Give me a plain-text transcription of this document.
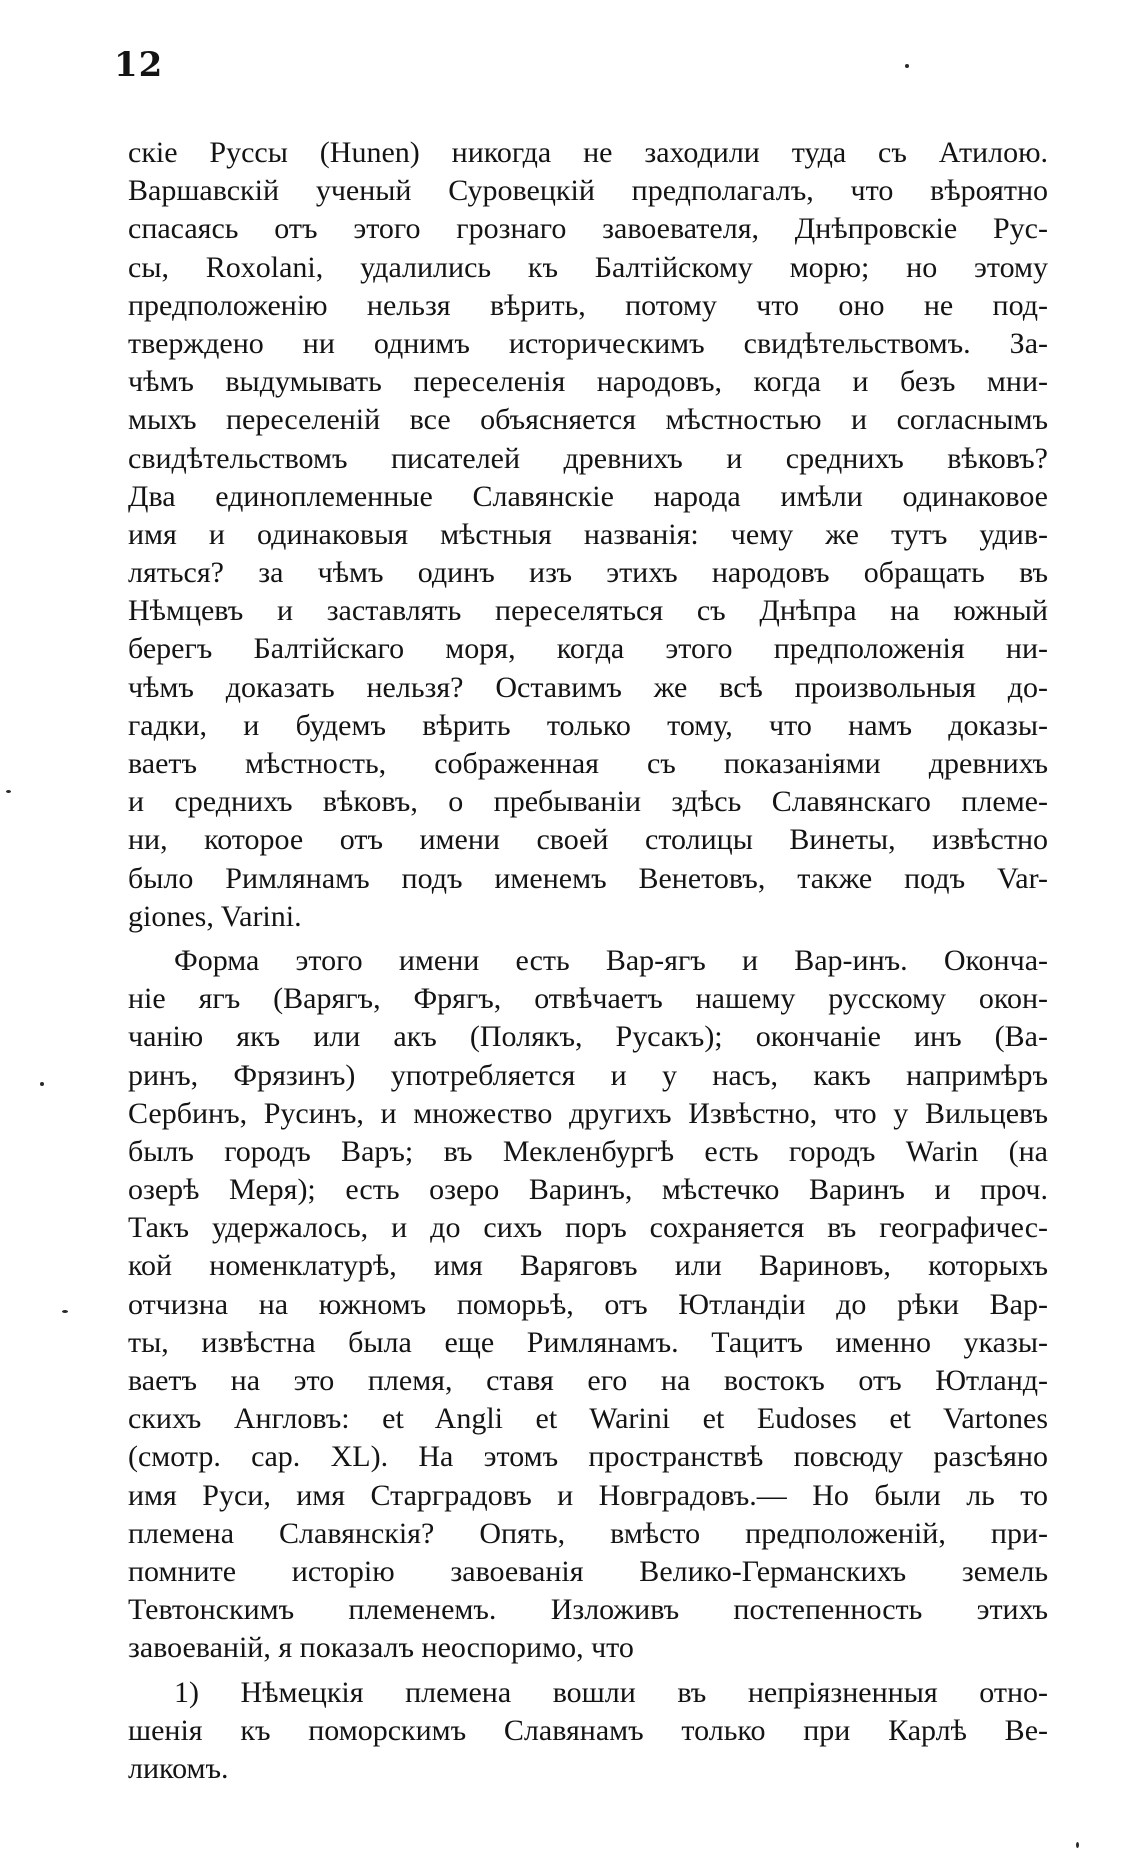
12
скіе Руссы (Hunen) никогда не заходили туда съ Атилою.
Варшавскій ученый Суровецкій предполагалъ, что вѣроятно
спасаясь отъ этого грознаго завоевателя, Днѣпровскіе Рус-
сы, Roxolani, удалились къ Балтійскому морю; но этому
предположенію нельзя вѣрить, потому что оно не под-
тверждено ни однимъ историческимъ свидѣтельствомъ. За-
чѣмъ выдумывать переселенія народовъ, когда и безъ мни-
мыхъ переселеній все объясняется мѣстностью и согласнымъ
свидѣтельствомъ писателей древнихъ и среднихъ вѣковъ?
Два единоплеменные Славянскіе народа имѣли одинаковое
имя и одинаковыя мѣстныя названія: чему же тутъ удив-
ляться? за чѣмъ одинъ изъ этихъ народовъ обращать въ
Нѣмцевъ и заставлять переселяться съ Днѣпра на южный
берегъ Балтійскаго моря, когда этого предположенія ни-
чѣмъ доказать нельзя? Оставимъ же всѣ произвольныя до-
гадки, и будемъ вѣрить только тому, что намъ доказы-
ваетъ мѣстность, сображенная съ показаніями древнихъ
и среднихъ вѣковъ, о пребываніи здѣсь Славянскаго племе-
ни, которое отъ имени своей столицы Винеты, извѣстно
было Римлянамъ подъ именемъ Венетовъ, также подъ Var-
giones, Varini.
Форма этого имени есть Вар-ягъ и Вар-инъ. Оконча-
ніе ягъ (Варягъ, Фрягъ, отвѣчаетъ нашему русскому окон-
чанію якъ или акъ (Полякъ, Русакъ); окончаніе инъ (Ва-
ринъ, Фрязинъ) употребляется и у насъ, какъ напримѣръ
Сербинъ, Русинъ, и множество другихъ Извѣстно, что у Вильцевъ
былъ городъ Варъ; въ Мекленбургѣ есть городъ Warin (на
озерѣ Меря); есть озеро Варинъ, мѣстечко Варинъ и проч.
Такъ удержалось, и до сихъ поръ сохраняется въ географичес-
кой номенклатурѣ, имя Варяговъ или Вариновъ, которыхъ
отчизна на южномъ поморьѣ, отъ Ютландіи до рѣки Вар-
ты, извѣстна была еще Римлянамъ. Тацитъ именно указы-
ваетъ на это племя, ставя его на востокъ отъ Ютланд-
скихъ Англовъ: et Angli et Warini et Eudoses et Vartones
(смотр. cap. XL). На этомъ пространствѣ повсюду разсѣяно
имя Руси, имя Старградовъ и Новградовъ.— Но были ль то
племена Славянскія? Опять, вмѣсто предположеній, при-
помните исторію завоеванія Велико-Германскихъ земель
Тевтонскимъ племенемъ. Изложивъ постепенность этихъ
завоеваній, я показалъ неоспоримо, что
1) Нѣмецкія племена вошли въ непріязненныя отно-
шенія къ поморскимъ Славянамъ только при Карлѣ Ве-
ликомъ.
